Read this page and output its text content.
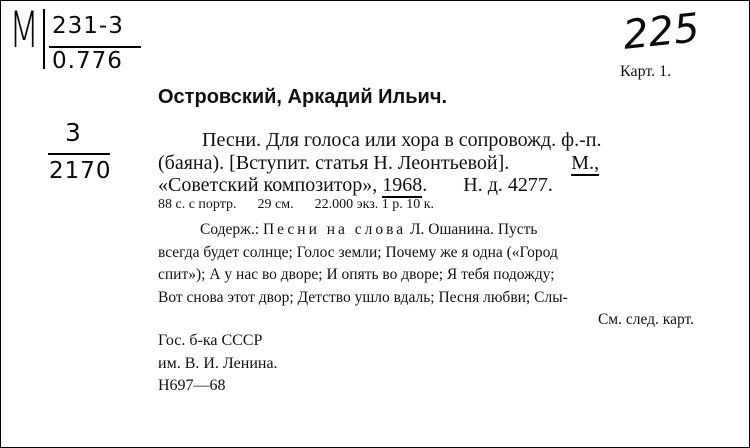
M 231-3
0.776
3
2170
225
Карт. 1.
Островский, Аркадий Ильич.
Песни. Для голоса или хора в сопровожд. ф.-п.
(баяна). [Вступит. статья Н. Леонтьевой].	M.,
«Советский композитор», 1968. Н. д. 4277.
88 с. с портр.      29 см.      22.000 экз. 1 р. 10 к.
Содерж.: Песни на слова Л. Ошанина. Пусть
всегда будет солнце; Голос земли; Почему же я одна («Город
спит»); А у нас во дворе; И опять во дворе; Я тебя подожду;
Вот снова этот двор; Детство ушло вдаль; Песня любви; Слы-
См. след. карт.
Гос. б-ка СССР
им. В. И. Ленина.
Н697—68
